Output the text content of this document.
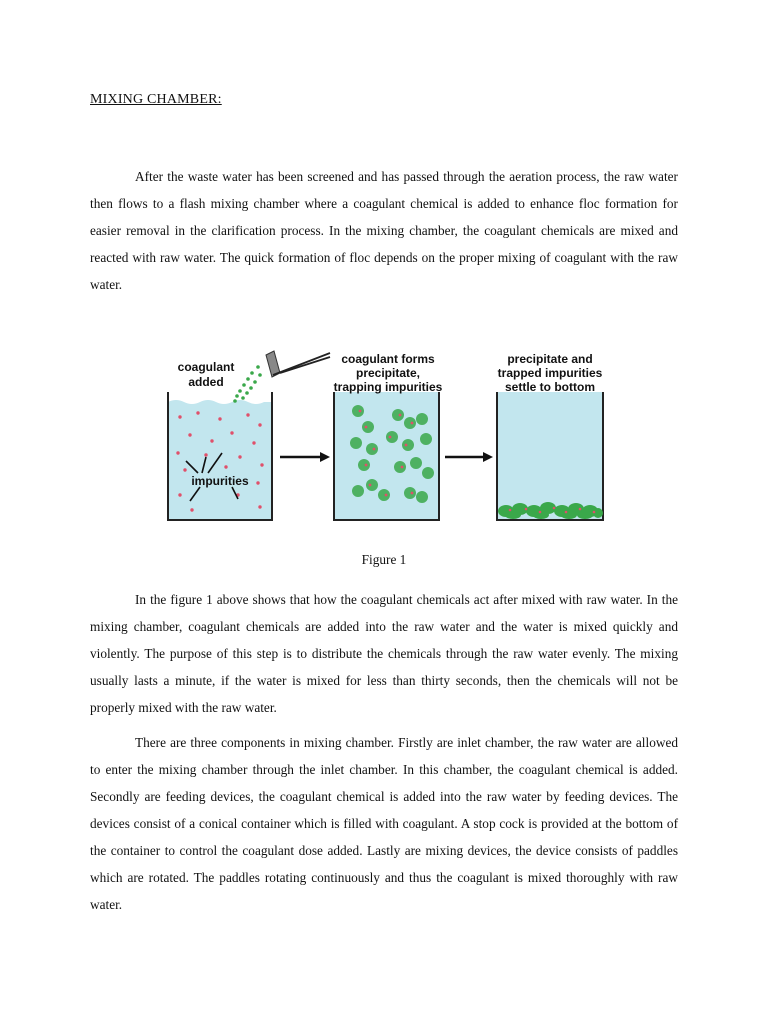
MIXING CHAMBER:

After the waste water has been screened and has passed through the aeration process, the raw water then flows to a flash mixing chamber where a coagulant chemical is added to enhance floc formation for easier removal in the clarification process. In the mixing chamber, the coagulant chemicals are mixed and reacted with raw water. The quick formation of floc depends on the proper mixing of coagulant with the raw water.

coagulant
added
impurities
coagulant forms
precipitate,
trapping impurities
precipitate and
trapped impurities
settle to bottom
Figure 1

In the figure 1 above shows that how the coagulant chemicals act after mixed with raw water. In the mixing chamber, coagulant chemicals are added into the raw water and the water is mixed quickly and violently. The purpose of this step is to distribute the chemicals through the raw water evenly. The mixing usually lasts a minute, if the water is mixed for less than thirty seconds, then the chemicals will not be properly mixed with the raw water.

There are three components in mixing chamber. Firstly are inlet chamber, the raw water are allowed to enter the mixing chamber through the inlet chamber. In this chamber, the coagulant chemical is added. Secondly are feeding devices, the coagulant chemical is added into the raw water by feeding devices. The devices consist of a conical container which is filled with coagulant. A stop cock is provided at the bottom of the container to control the coagulant dose added. Lastly are mixing devices, the device consists of paddles which are rotated. The paddles rotating continuously and thus the coagulant is mixed thoroughly with raw water.
